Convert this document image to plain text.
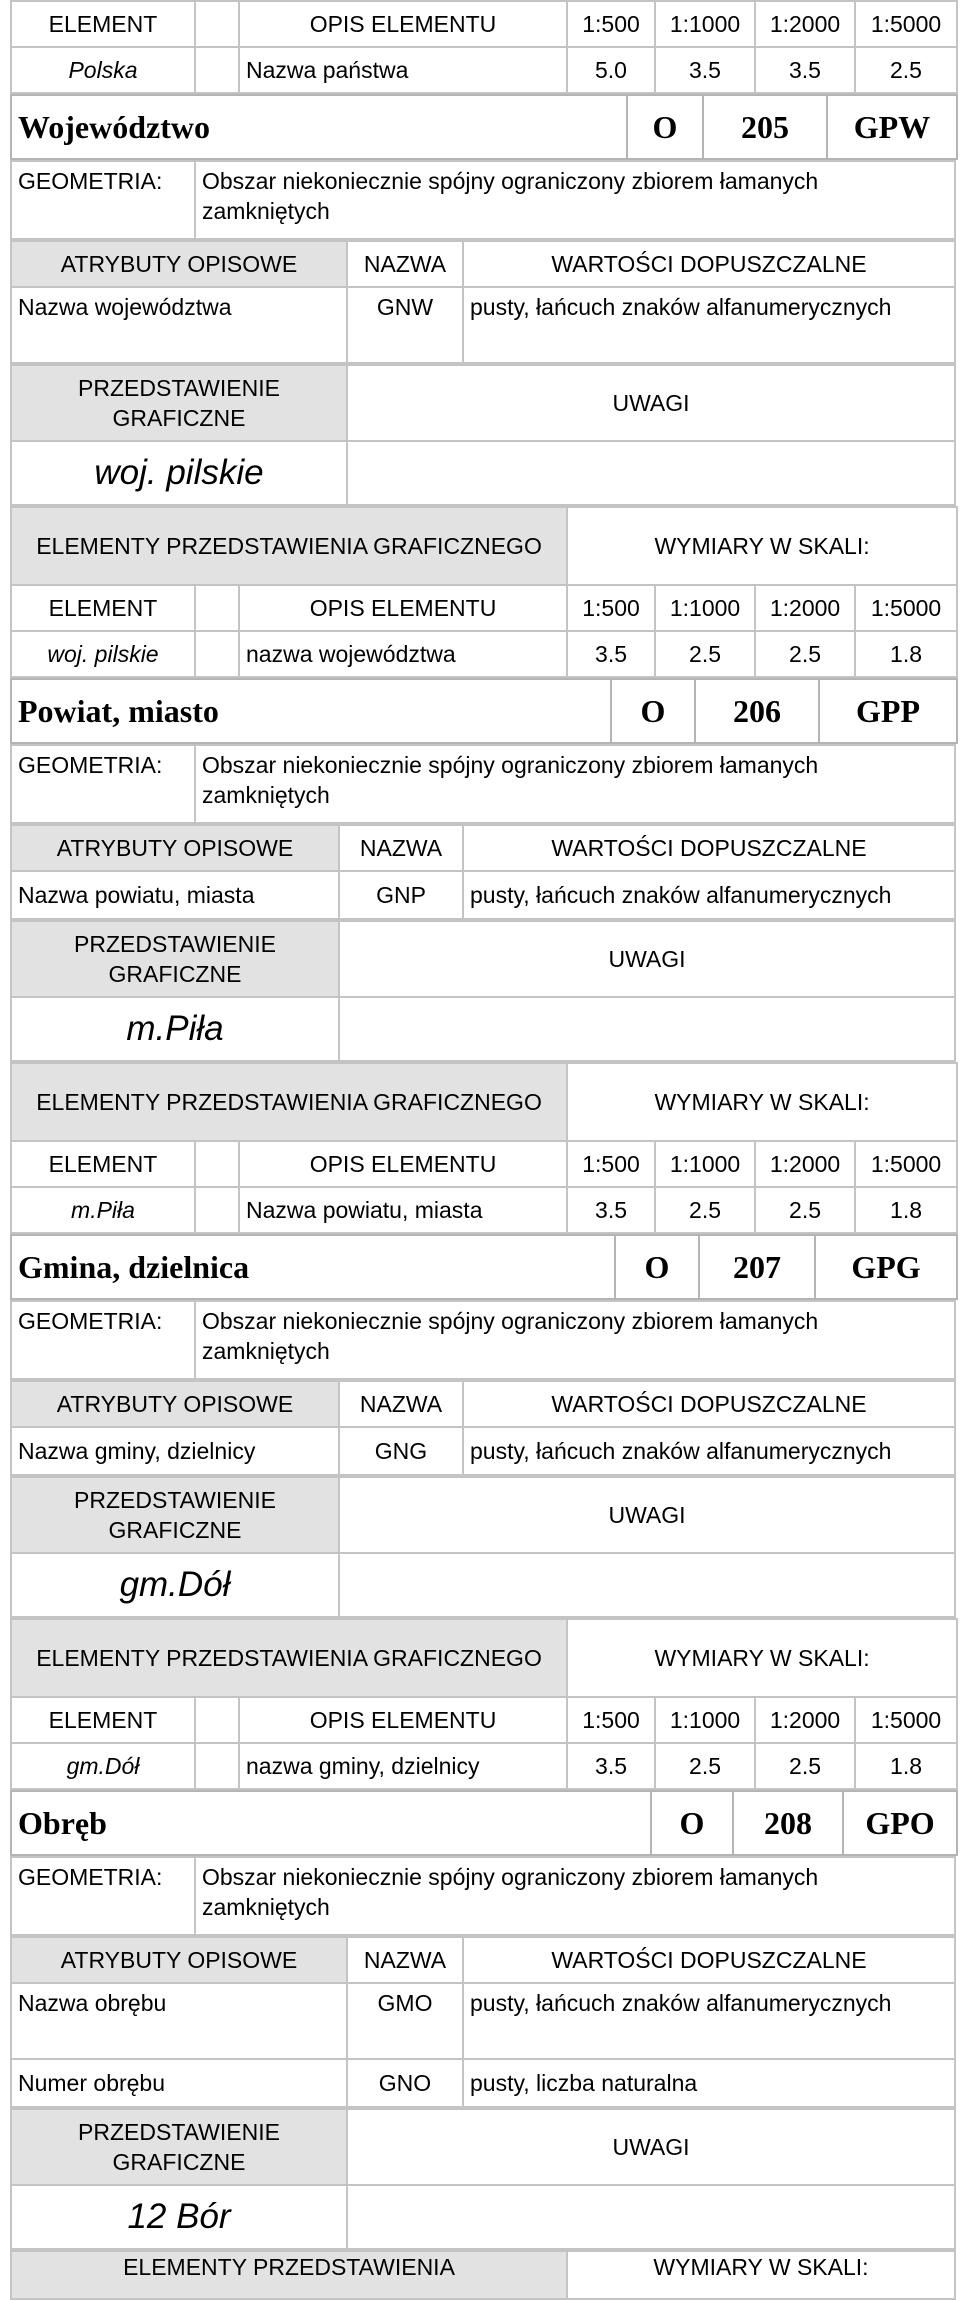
ELEMENT		OPIS ELEMENTU	1:500	1:1000	1:2000	1:5000
Polska		Nazwa państwa	5.0	3.5	3.5	2.5
Województwo	O	205	GPW
GEOMETRIA:	Obszar niekoniecznie spójny ograniczony zbiorem łamanych zamkniętych
ATRYBUTY OPISOWE	NAZWA	WARTOŚCI DOPUSZCZALNE
Nazwa województwa	GNW	pusty, łańcuch znaków alfanumerycznych
PRZEDSTAWIENIE GRAFICZNE	UWAGI
woj. pilskie	
ELEMENTY PRZEDSTAWIENIA GRAFICZNEGO			WYMIARY W SKALI:			
ELEMENT		OPIS ELEMENTU	1:500	1:1000	1:2000	1:5000
woj. pilskie		nazwa województwa	3.5	2.5	2.5	1.8
Powiat, miasto	O	206	GPP
GEOMETRIA:	Obszar niekoniecznie spójny ograniczony zbiorem łamanych zamkniętych
ATRYBUTY OPISOWE	NAZWA	WARTOŚCI DOPUSZCZALNE
Nazwa powiatu, miasta	GNP	pusty, łańcuch znaków alfanumerycznych
PRZEDSTAWIENIE GRAFICZNE	UWAGI
m.Piła	
ELEMENTY PRZEDSTAWIENIA GRAFICZNEGO			WYMIARY W SKALI:			
ELEMENT		OPIS ELEMENTU	1:500	1:1000	1:2000	1:5000
m.Piła		Nazwa powiatu, miasta	3.5	2.5	2.5	1.8
Gmina, dzielnica	O	207	GPG
GEOMETRIA:	Obszar niekoniecznie spójny ograniczony zbiorem łamanych zamkniętych
ATRYBUTY OPISOWE	NAZWA	WARTOŚCI DOPUSZCZALNE
Nazwa gminy, dzielnicy	GNG	pusty, łańcuch znaków alfanumerycznych
PRZEDSTAWIENIE GRAFICZNE	UWAGI
gm.Dół	
ELEMENTY PRZEDSTAWIENIA GRAFICZNEGO			WYMIARY W SKALI:			
ELEMENT		OPIS ELEMENTU	1:500	1:1000	1:2000	1:5000
gm.Dół		nazwa gminy, dzielnicy	3.5	2.5	2.5	1.8
Obręb	O	208	GPO
GEOMETRIA:	Obszar niekoniecznie spójny ograniczony zbiorem łamanych zamkniętych
ATRYBUTY OPISOWE	NAZWA	WARTOŚCI DOPUSZCZALNE
Nazwa obrębu	GMO	pusty, łańcuch znaków alfanumerycznych
Numer obrębu	GNO	pusty, liczba naturalna
PRZEDSTAWIENIE GRAFICZNE	UWAGI
12 Bór	
ELEMENTY PRZEDSTAWIENIA	WYMIARY W SKALI:
